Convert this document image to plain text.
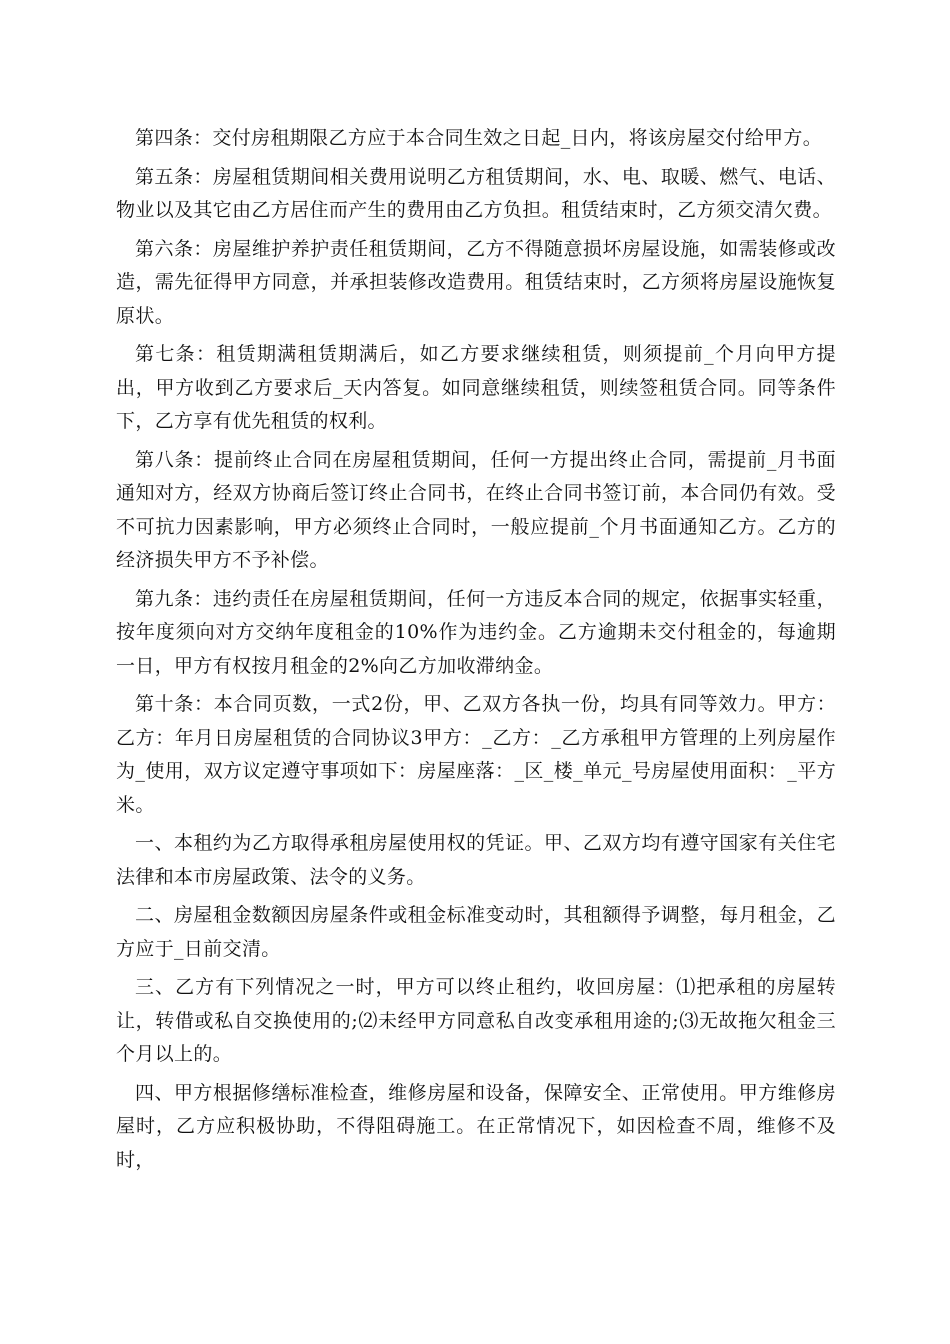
第四条：交付房租期限乙方应于本合同生效之日起_日内，将该房屋交付给甲方。

第五条：房屋租赁期间相关费用说明乙方租赁期间，水、电、取暖、燃气、电话、物业以及其它由乙方居住而产生的费用由乙方负担。租赁结束时，乙方须交清欠费。

第六条：房屋维护养护责任租赁期间，乙方不得随意损坏房屋设施，如需装修或改造，需先征得甲方同意，并承担装修改造费用。租赁结束时，乙方须将房屋设施恢复原状。

第七条：租赁期满租赁期满后，如乙方要求继续租赁，则须提前_个月向甲方提出，甲方收到乙方要求后_天内答复。如同意继续租赁，则续签租赁合同。同等条件下，乙方享有优先租赁的权利。

第八条：提前终止合同在房屋租赁期间，任何一方提出终止合同，需提前_月书面通知对方，经双方协商后签订终止合同书，在终止合同书签订前，本合同仍有效。受不可抗力因素影响，甲方必须终止合同时，一般应提前_个月书面通知乙方。乙方的经济损失甲方不予补偿。

第九条：违约责任在房屋租赁期间，任何一方违反本合同的规定，依据事实轻重，按年度须向对方交纳年度租金的10%作为违约金。乙方逾期未交付租金的，每逾期一日，甲方有权按月租金的2%向乙方加收滞纳金。

第十条：本合同页数，一式2份，甲、乙双方各执一份，均具有同等效力。甲方：乙方：年月日房屋租赁的合同协议3甲方：_乙方：_乙方承租甲方管理的上列房屋作为_使用，双方议定遵守事项如下：房屋座落：_区_楼_单元_号房屋使用面积：_平方米。

一、本租约为乙方取得承租房屋使用权的凭证。甲、乙双方均有遵守国家有关住宅法律和本市房屋政策、法令的义务。

二、房屋租金数额因房屋条件或租金标准变动时，其租额得予调整，每月租金，乙方应于_日前交清。

三、乙方有下列情况之一时，甲方可以终止租约，收回房屋：⑴把承租的房屋转让，转借或私自交换使用的;⑵未经甲方同意私自改变承租用途的;⑶无故拖欠租金三个月以上的。

四、甲方根据修缮标准检查，维修房屋和设备，保障安全、正常使用。甲方维修房屋时，乙方应积极协助，不得阻碍施工。在正常情况下，如因检查不周，维修不及时，
